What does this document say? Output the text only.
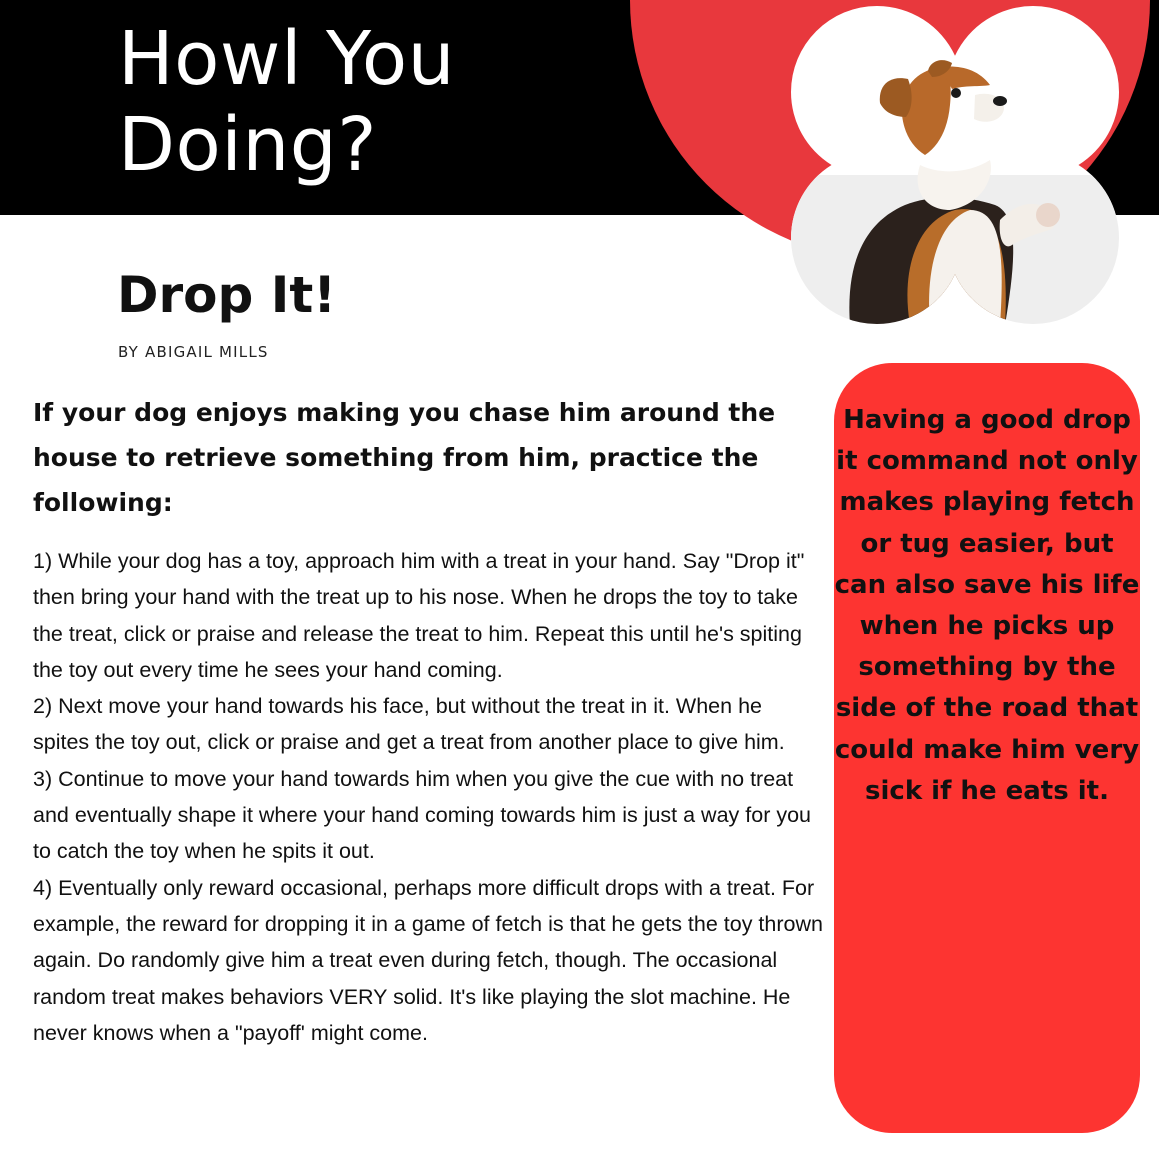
Howl You
Doing?
Drop It!
BY ABIGAIL MILLS

If your dog enjoys making you chase him around the house to retrieve something from him, practice the following:

1) While your dog has a toy, approach him with a treat in your hand. Say "Drop it" then bring your hand with the treat up to his nose. When he drops the toy to take the treat, click or praise and release the treat to him. Repeat this until he's spiting the toy out every time he sees your hand coming.

2) Next move your hand towards his face, but without the treat in it. When he spites the toy out, click or praise and get a treat from another place to give him.

3) Continue to move your hand towards him when you give the cue with no treat and eventually shape it where your hand coming towards him is just a way for you to catch the toy when he spits it out.

4) Eventually only reward occasional, perhaps more difficult drops with a treat. For example, the reward for dropping it in a game of fetch is that he gets the toy thrown again. Do randomly give him a treat even during fetch, though. The occasional random treat makes behaviors VERY solid. It's like playing the slot machine. He never knows when a "payoff' might come.

Having a good drop it command not only makes playing fetch or tug easier, but can also save his life when he picks up something by the side of the road that could make him very sick if he eats it.
